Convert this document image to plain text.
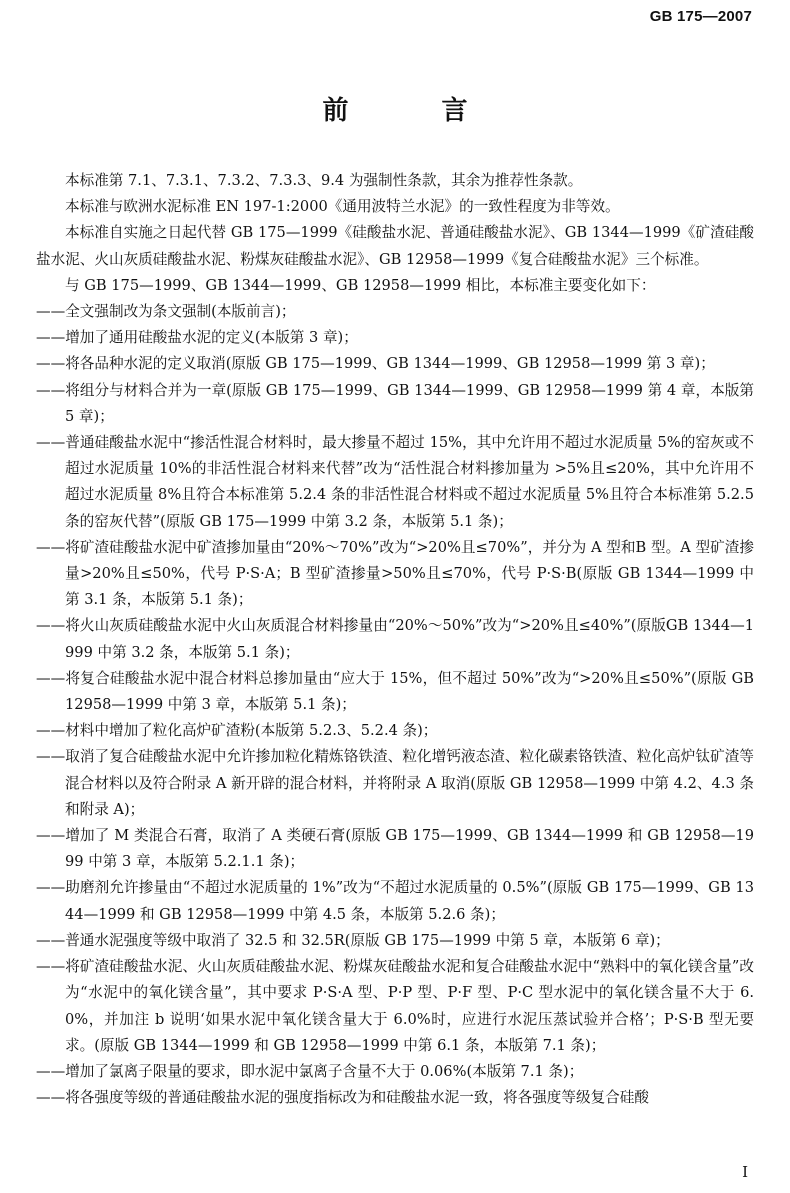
GB 175—2007
前 言

本标准第 7.1、7.3.1、7.3.2、7.3.3、9.4 为强制性条款，其余为推荐性条款。

本标准与欧洲水泥标准 EN 197-1:2000《通用波特兰水泥》的一致性程度为非等效。

本标准自实施之日起代替 GB 175—1999《硅酸盐水泥、普通硅酸盐水泥》、GB 1344—1999《矿渣硅酸盐水泥、火山灰质硅酸盐水泥、粉煤灰硅酸盐水泥》、GB 12958—1999《复合硅酸盐水泥》三个标准。

与 GB 175—1999、GB 1344—1999、GB 12958—1999 相比，本标准主要变化如下：

——全文强制改为条文强制(本版前言)；

——增加了通用硅酸盐水泥的定义(本版第 3 章)；

——将各品种水泥的定义取消(原版 GB 175—1999、GB 1344—1999、GB 12958—1999 第 3 章)；

——将组分与材料合并为一章(原版 GB 175—1999、GB 1344—1999、GB 12958—1999 第 4 章，本版第 5 章)；

——普通硅酸盐水泥中“掺活性混合材料时，最大掺量不超过 15%，其中允许用不超过水泥质量 5%的窑灰或不超过水泥质量 10%的非活性混合材料来代替”改为“活性混合材料掺加量为 >5%且≤20%，其中允许用不超过水泥质量 8%且符合本标准第 5.2.4 条的非活性混合材料或不超过水泥质量 5%且符合本标准第 5.2.5 条的窑灰代替”(原版 GB 175—1999 中第 3.2 条，本版第 5.1 条)；

——将矿渣硅酸盐水泥中矿渣掺加量由“20%～70%”改为“>20%且≤70%”，并分为 A 型和B 型。A 型矿渣掺量>20%且≤50%，代号 P·S·A；B 型矿渣掺量>50%且≤70%，代号 P·S·B(原版 GB 1344—1999 中第 3.1 条，本版第 5.1 条)；

——将火山灰质硅酸盐水泥中火山灰质混合材料掺量由“20%～50%”改为“>20%且≤40%”(原版GB 1344—1999 中第 3.2 条，本版第 5.1 条)；

——将复合硅酸盐水泥中混合材料总掺加量由“应大于 15%，但不超过 50%”改为“>20%且≤50%”(原版 GB 12958—1999 中第 3 章，本版第 5.1 条)；

——材料中增加了粒化高炉矿渣粉(本版第 5.2.3、5.2.4 条)；

——取消了复合硅酸盐水泥中允许掺加粒化精炼铬铁渣、粒化增钙液态渣、粒化碳素铬铁渣、粒化高炉钛矿渣等混合材料以及符合附录 A 新开辟的混合材料，并将附录 A 取消(原版 GB 12958—1999 中第 4.2、4.3 条和附录 A)；

——增加了 M 类混合石膏，取消了 A 类硬石膏(原版 GB 175—1999、GB 1344—1999 和 GB 12958—1999 中第 3 章，本版第 5.2.1.1 条)；

——助磨剂允许掺量由“不超过水泥质量的 1%”改为“不超过水泥质量的 0.5%”(原版 GB 175—1999、GB 1344—1999 和 GB 12958—1999 中第 4.5 条，本版第 5.2.6 条)；

——普通水泥强度等级中取消了 32.5 和 32.5R(原版 GB 175—1999 中第 5 章，本版第 6 章)；

——将矿渣硅酸盐水泥、火山灰质硅酸盐水泥、粉煤灰硅酸盐水泥和复合硅酸盐水泥中“熟料中的氧化镁含量”改为“水泥中的氧化镁含量”，其中要求 P·S·A 型、P·P 型、P·F 型、P·C 型水泥中的氧化镁含量不大于 6.0%，并加注 b 说明‘如果水泥中氧化镁含量大于 6.0%时，应进行水泥压蒸试验并合格’；P·S·B 型无要求。(原版 GB 1344—1999 和 GB 12958—1999 中第 6.1 条，本版第 7.1 条)；

——增加了氯离子限量的要求，即水泥中氯离子含量不大于 0.06%(本版第 7.1 条)；

——将各强度等级的普通硅酸盐水泥的强度指标改为和硅酸盐水泥一致，将各强度等级复合硅酸

I
